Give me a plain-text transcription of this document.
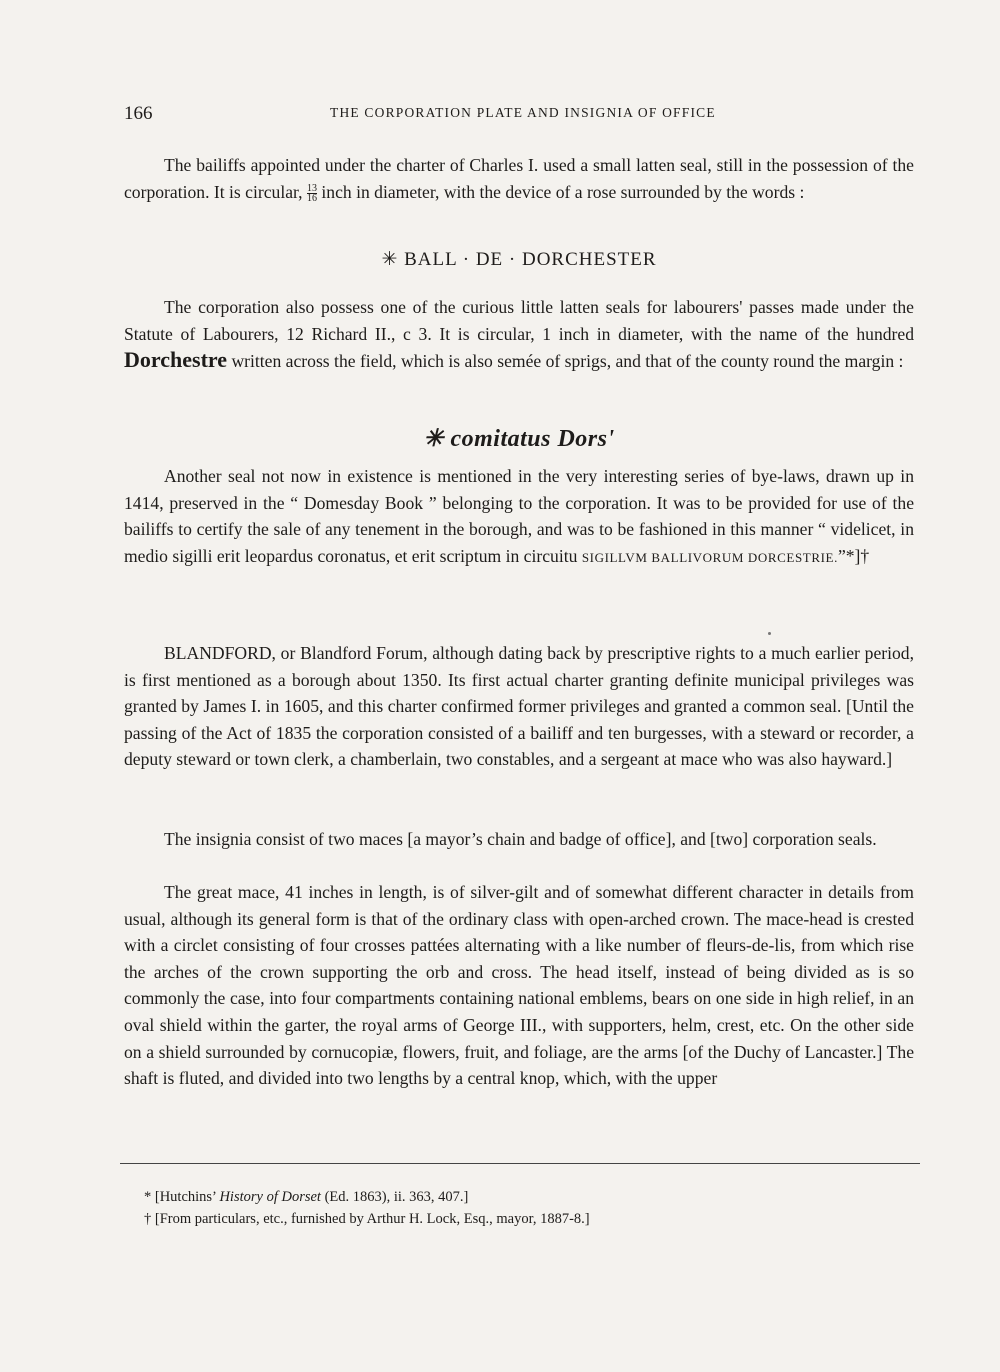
166	THE CORPORATION PLATE AND INSIGNIA OF OFFICE

The bailiffs appointed under the charter of Charles I. used a small latten seal, still in the possession of the corporation. It is circular, $\frac{13}{16}$ inch in diameter, with the device of a rose surrounded by the words :

✳ BALL · DE · DORCHESTER

The corporation also possess one of the curious little latten seals for labourers' passes made under the Statute of Labourers, 12 Richard II., c 3. It is circular, 1 inch in diameter, with the name of the hundred Dorchestre written across the field, which is also semée of sprigs, and that of the county round the margin :

✳ comitatus Dors'

Another seal not now in existence is mentioned in the very interesting series of bye-laws, drawn up in 1414, preserved in the “ Domesday Book ” belonging to the corporation. It was to be provided for use of the bailiffs to certify the sale of any tenement in the borough, and was to be fashioned in this manner “ videlicet, in medio sigilli erit leopardus coronatus, et erit scriptum in circuitu SIGILLVM BALLIVORUM DORCESTRIE.”*]†

BLANDFORD, or Blandford Forum, although dating back by prescriptive rights to a much earlier period, is first mentioned as a borough about 1350. Its first actual charter granting definite municipal privileges was granted by James I. in 1605, and this charter confirmed former privileges and granted a common seal. [Until the passing of the Act of 1835 the corporation consisted of a bailiff and ten burgesses, with a steward or recorder, a deputy steward or town clerk, a chamberlain, two constables, and a sergeant at mace who was also hayward.]

The insignia consist of two maces [a mayor’s chain and badge of office], and [two] corporation seals.

The great mace, 41 inches in length, is of silver-gilt and of somewhat different character in details from usual, although its general form is that of the ordinary class with open-arched crown. The mace-head is crested with a circlet consisting of four crosses pattées alternating with a like number of fleurs-de-lis, from which rise the arches of the crown supporting the orb and cross. The head itself, instead of being divided as is so commonly the case, into four compartments containing national emblems, bears on one side in high relief, in an oval shield within the garter, the royal arms of George III., with supporters, helm, crest, etc. On the other side on a shield surrounded by cornucopiæ, flowers, fruit, and foliage, are the arms [of the Duchy of Lancaster.] The shaft is fluted, and divided into two lengths by a central knop, which, with the upper

* [Hutchins’ History of Dorset (Ed. 1863), ii. 363, 407.]

† [From particulars, etc., furnished by Arthur H. Lock, Esq., mayor, 1887-8.]
